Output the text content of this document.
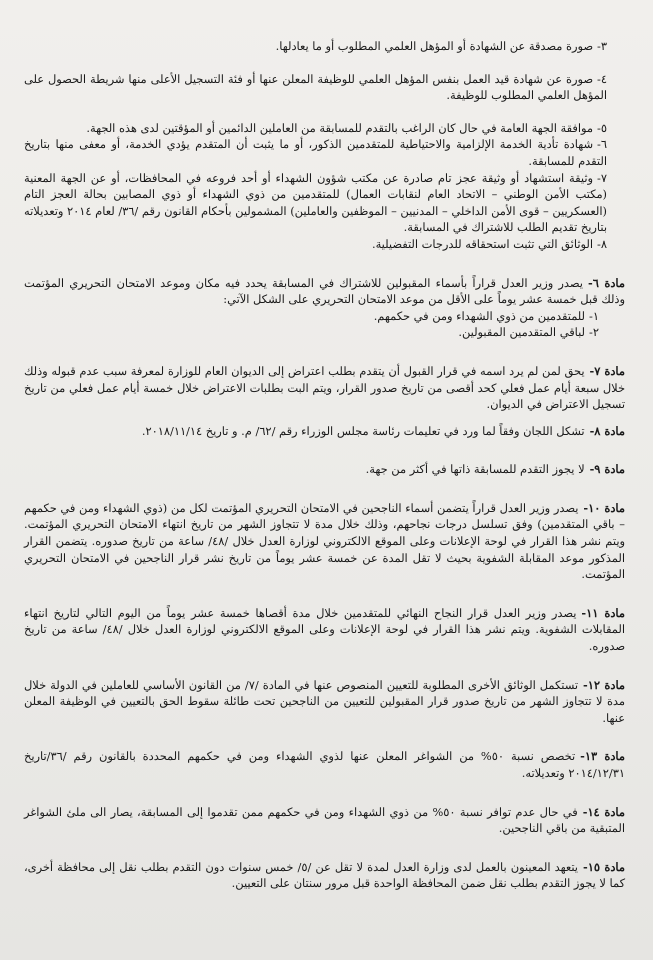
٣-صورة مصدقة عن الشهادة أو المؤهل العلمي المطلوب أو ما يعادلها.

٤-صورة عن شهادة قيد العمل بنفس المؤهل العلمي للوظيفة المعلن عنها أو فئة التسجيل الأعلى منها شريطة الحصول على المؤهل العلمي المطلوب للوظيفة.

٥-موافقة الجهة العامة في حال كان الراغب بالتقدم للمسابقة من العاملين الدائمين أو المؤقتين لدى هذه الجهة.

٦-شهادة تأدية الخدمة الإلزامية والاحتياطية للمتقدمين الذكور، أو ما يثبت أن المتقدم يؤدي الخدمة، أو معفى منها بتاريخ التقدم للمسابقة.

٧-وثيقة استشهاد أو وثيقة عجز تام صادرة عن مكتب شؤون الشهداء أو أحد فروعه في المحافظات، أو عن الجهة المعنية (مكتب الأمن الوطني – الاتحاد العام لنقابات العمال) للمتقدمين من ذوي الشهداء أو ذوي المصابين بحالة العجز التام (العسكريين – قوى الأمن الداخلي – المدنيين – الموظفين والعاملين) المشمولين بأحكام القانون رقم /٣٦/ لعام ٢٠١٤ وتعديلاته بتاريخ تقديم الطلب للاشتراك في المسابقة.

٨-الوثائق التي تثبت استحقاقه للدرجات التفضيلية.

مادة ٦-يصدر وزير العدل قراراً بأسماء المقبولين للاشتراك في المسابقة يحدد فيه مكان وموعد الامتحان التحريري المؤتمت وذلك قبل خمسة عشر يوماً على الأقل من موعد الامتحان التحريري على الشكل الآتي:

١-للمتقدمين من ذوي الشهداء ومن في حكمهم.

٢-لباقي المتقدمين المقبولين.

مادة ٧-يحق لمن لم يرد اسمه في قرار القبول أن يتقدم بطلب اعتراض إلى الديوان العام للوزارة لمعرفة سبب عدم قبوله وذلك خلال سبعة أيام عمل فعلي كحد أقصى من تاريخ صدور القرار، ويتم البت بطلبات الاعتراض خلال خمسة أيام عمل فعلي من تاريخ تسجيل الاعتراض في الديوان.

مادة ٨-تشكل اللجان وفقاً لما ورد في تعليمات رئاسة مجلس الوزراء رقم /٦٢/ م. و تاريخ ٢٠١٨/١١/١٤.

مادة ٩-لا يجوز التقدم للمسابقة ذاتها في أكثر من جهة.

مادة ١٠-يصدر وزير العدل قراراً يتضمن أسماء الناجحين في الامتحان التحريري المؤتمت لكل من (ذوي الشهداء ومن في حكمهم – باقي المتقدمين) وفق تسلسل درجات نجاحهم، وذلك خلال مدة لا تتجاوز الشهر من تاريخ انتهاء الامتحان التحريري المؤتمت. ويتم نشر هذا القرار في لوحة الإعلانات وعلى الموقع الالكتروني لوزارة العدل خلال /٤٨/ ساعة من تاريخ صدوره. يتضمن القرار المذكور موعد المقابلة الشفوية بحيث لا تقل المدة عن خمسة عشر يوماً من تاريخ نشر قرار الناجحين في الامتحان التحريري المؤتمت.

مادة ١١-يصدر وزير العدل قرار النجاح النهائي للمتقدمين خلال مدة أقصاها خمسة عشر يوماً من اليوم التالي لتاريخ انتهاء المقابلات الشفوية. ويتم نشر هذا القرار في لوحة الإعلانات وعلى الموقع الالكتروني لوزارة العدل خلال /٤٨/ ساعة من تاريخ صدوره.

مادة ١٢-تستكمل الوثائق الأخرى المطلوبة للتعيين المنصوص عنها في المادة /٧/ من القانون الأساسي للعاملين في الدولة خلال مدة لا تتجاوز الشهر من تاريخ صدور قرار المقبولين للتعيين من الناجحين تحت طائلة سقوط الحق بالتعيين في الوظيفة المعلن عنها.

مادة ١٣-تخصص نسبة ٥٠% من الشواغر المعلن عنها لذوي الشهداء ومن في حكمهم المحددة بالقانون رقم /٣٦/تاريخ ٢٠١٤/١٢/٣١ وتعديلاته.

مادة ١٤-في حال عدم توافر نسبة ٥٠% من ذوي الشهداء ومن في حكمهم ممن تقدموا إلى المسابقة، يصار الى ملئ الشواغر المتبقية من باقي الناجحين.

مادة ١٥-يتعهد المعينون بالعمل لدى وزارة العدل لمدة لا تقل عن /٥/ خمس سنوات دون التقدم بطلب نقل إلى محافظة أخرى، كما لا يجوز التقدم بطلب نقل ضمن المحافظة الواحدة قبل مرور سنتان على التعيين.
